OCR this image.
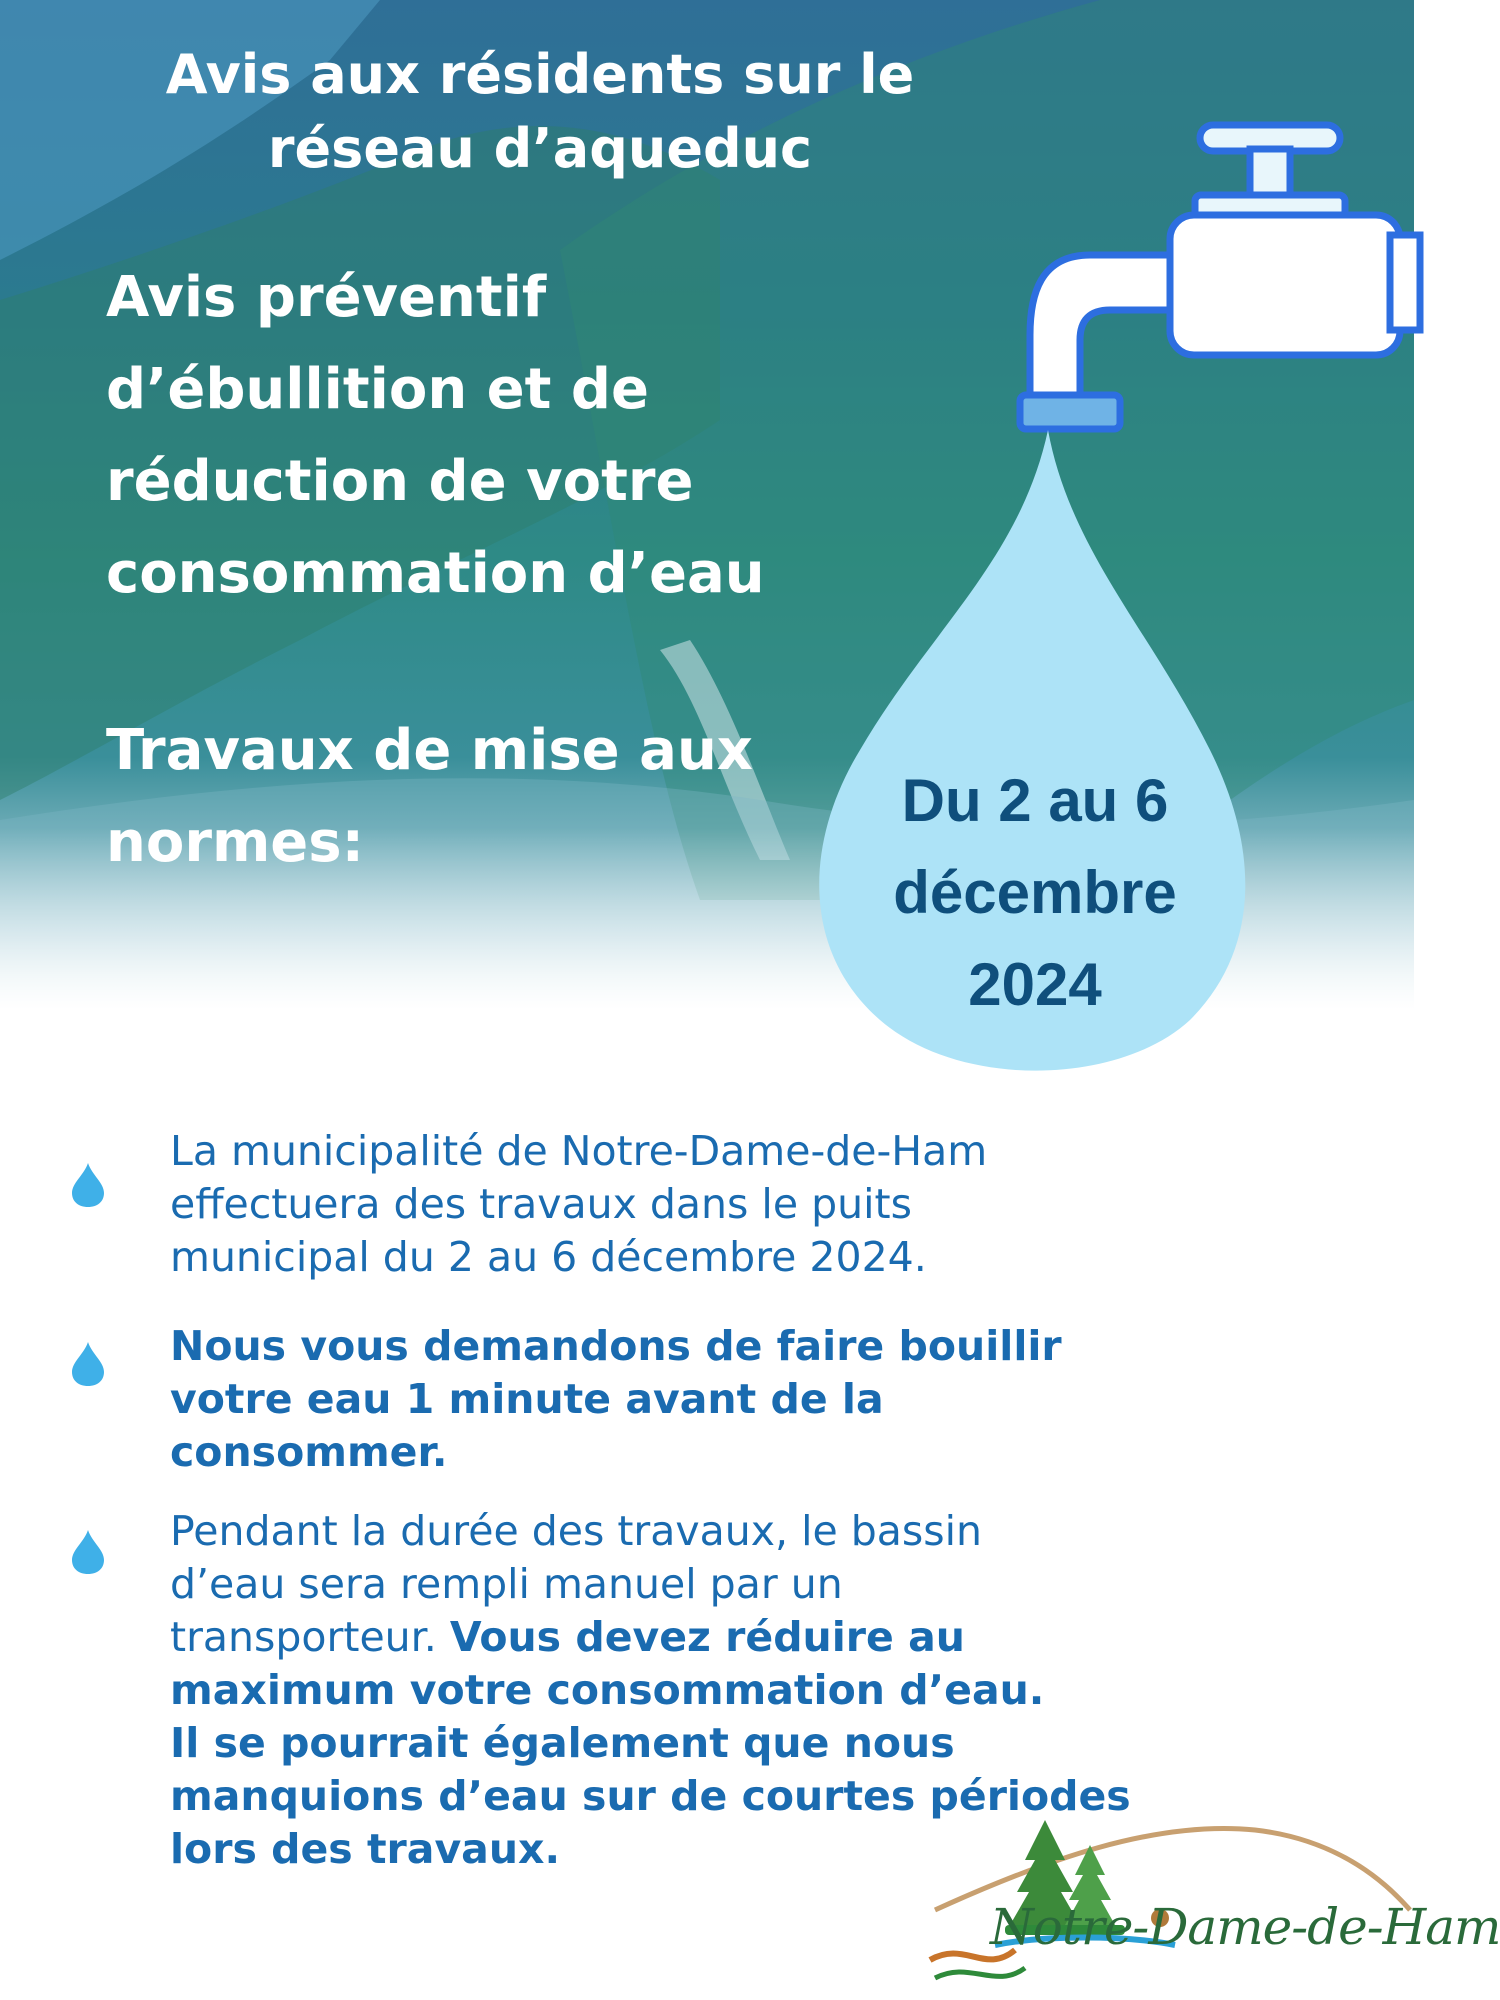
Avis aux résidents sur le
réseau d’aqueduc
Avis préventif
d’ébullition et de
réduction de votre
consommation d’eau
Travaux de mise aux
normes:
Du 2 au 6
décembre
2024
La municipalité de Notre-Dame-de-Ham
effectuera des travaux dans le puits
municipal du 2 au 6 décembre 2024.
Nous vous demandons de faire bouillir
votre eau 1 minute avant de la
consommer.
Pendant la durée des travaux, le bassin
d’eau sera rempli manuel par un
transporteur. Vous devez réduire au
maximum votre consommation d’eau.
Il se pourrait également que nous
manquions d’eau sur de courtes périodes
lors des travaux.
Notre-Dame-de-Ham
